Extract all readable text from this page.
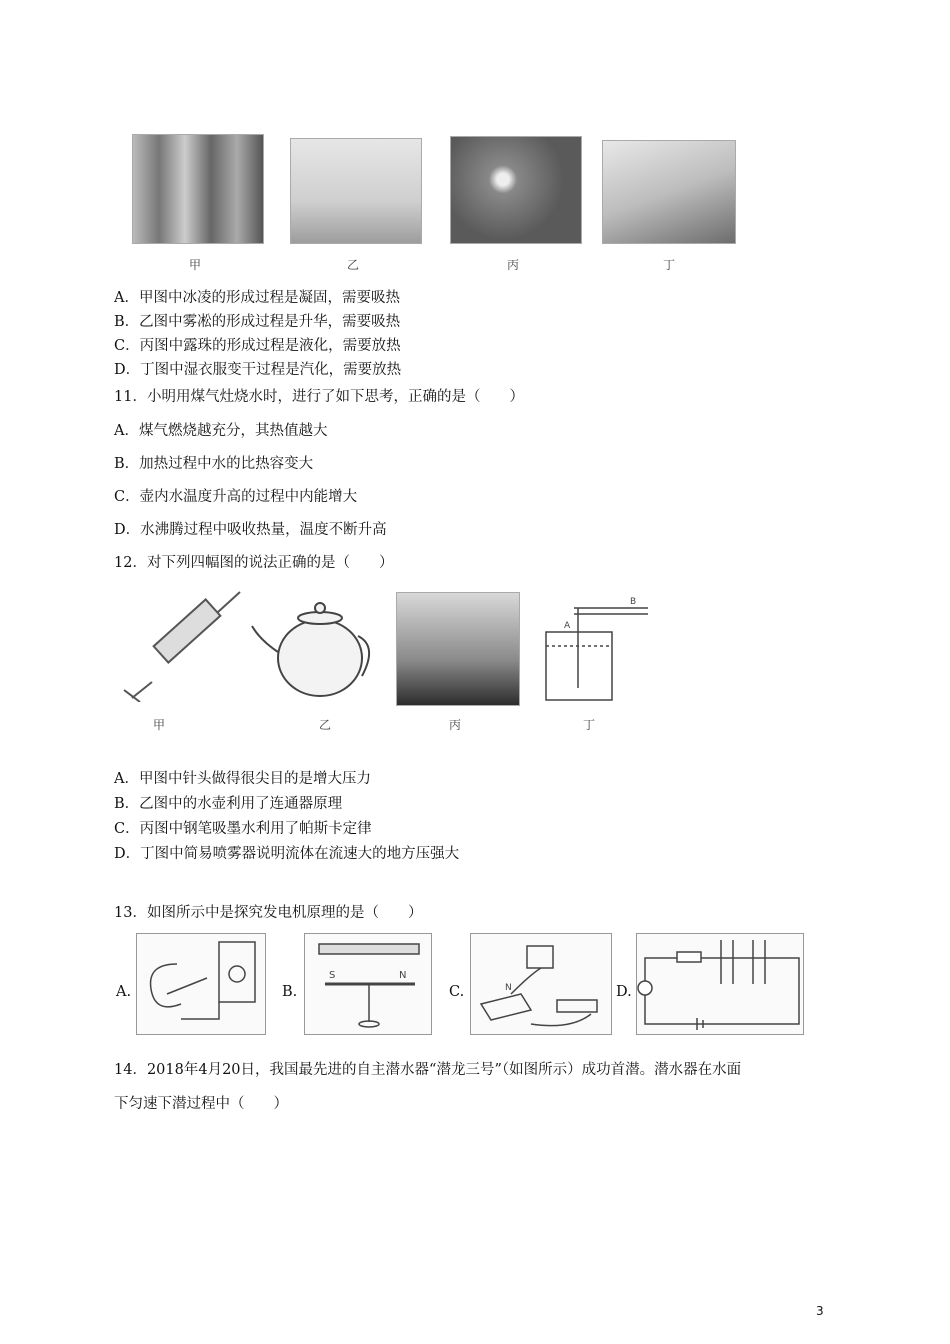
甲	乙	丙	丁
A．甲图中冰凌的形成过程是凝固，需要吸热
B．乙图中雾凇的形成过程是升华，需要吸热
C．丙图中露珠的形成过程是液化，需要放热
D．丁图中湿衣服变干过程是汽化，需要放热
11．小明用煤气灶烧水时，进行了如下思考，正确的是（　　）
A．煤气燃烧越充分，其热值越大
B．加热过程中水的比热容变大
C．壶内水温度升高的过程中内能增大
D．水沸腾过程中吸收热量，温度不断升高
12．对下列四幅图的说法正确的是（　　）
A
B
甲	乙	丙	丁
A．甲图中针头做得很尖目的是增大压力
B．乙图中的水壶利用了连通器原理
C．丙图中钢笔吸墨水利用了帕斯卡定律
D．丁图中简易喷雾器说明流体在流速大的地方压强大
13．如图所示中是探究发电机原理的是（　　）
A.	B.
S	N
C.	N	D.
14．2018年4月20日，我国最先进的自主潜水器“潜龙三号”（如图所示）成功首潜。潜水器在水面
下匀速下潜过程中（　　）
3
